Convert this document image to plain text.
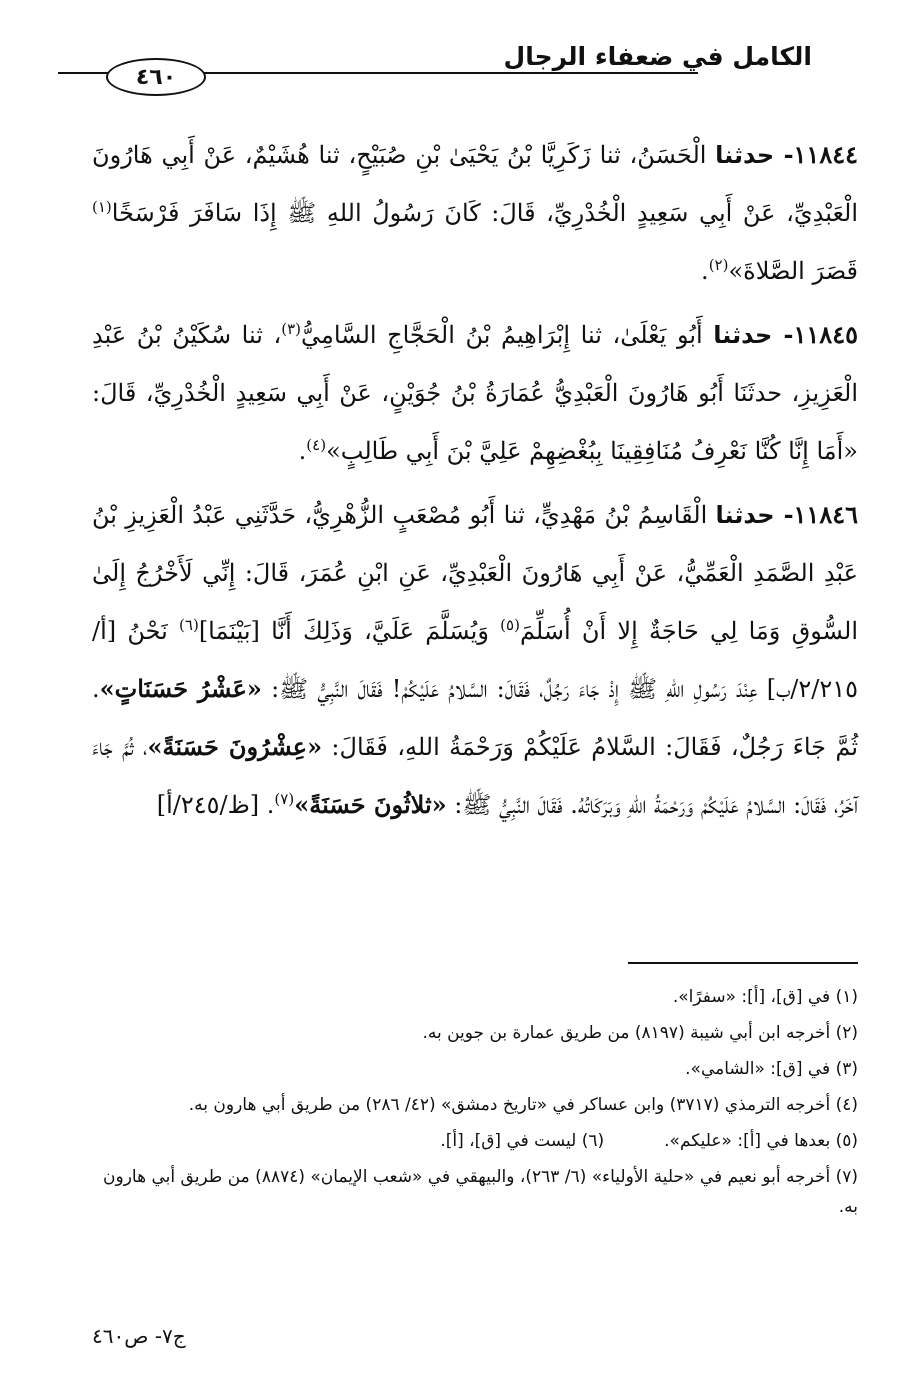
الكامل في ضعفاء الرجال
٤٦٠

١١٨٤٤- حدثنا الْحَسَنُ، ثنا زَكَرِيَّا بْنُ يَحْيَىٰ بْنِ صُبَيْحٍ، ثنا هُشَيْمٌ، عَنْ أَبِي هَارُونَ الْعَبْدِيِّ، عَنْ أَبِي سَعِيدٍ الْخُدْرِيِّ، قَالَ: كَانَ رَسُولُ اللهِ ﷺ إِذَا سَافَرَ فَرْسَخًا$^{(١)}$ قَصَرَ الصَّلاةَ»$^{(٢)}$.

١١٨٤٥- حدثنا أَبُو يَعْلَىٰ، ثنا إِبْرَاهِيمُ بْنُ الْحَجَّاجِ السَّامِيُّ$^{(٣)}$، ثنا سُكَيْنُ بْنُ عَبْدِ الْعَزِيزِ، حدثَنَا أَبُو هَارُونَ الْعَبْدِيُّ عُمَارَةُ بْنُ جُوَيْنٍ، عَنْ أَبِي سَعِيدٍ الْخُدْرِيِّ، قَالَ: «أَمَا إِنَّا كُنَّا نَعْرِفُ مُنَافِقِينَا بِبُغْضِهِمْ عَلِيَّ بْنَ أَبِي طَالِبٍ»$^{(٤)}$.

١١٨٤٦- حدثنا الْقَاسِمُ بْنُ مَهْدِيٍّ، ثنا أَبُو مُصْعَبٍ الزُّهْرِيُّ، حَدَّثَنِي عَبْدُ الْعَزِيزِ بْنُ عَبْدِ الصَّمَدِ الْعَمِّيُّ، عَنْ أَبِي هَارُونَ الْعَبْدِيِّ، عَنِ ابْنِ عُمَرَ، قَالَ: إِنِّي لَأَخْرُجُ إِلَىٰ السُّوقِ وَمَا لِي حَاجَةٌ إِلا أَنْ أُسَلِّمَ$^{(٥)}$ وَيُسَلَّمَ عَلَيَّ، وَذَلِكَ أَنَّا [بَيْنَمَا]$^{(٦)}$ نَحْنُ [أ/٢/٢١٥/ب] عِنْدَ رَسُولِ اللهِ ﷺ إِذْ جَاءَ رَجُلٌ، فَقَالَ: السَّلامُ عَلَيْكُمْ! فَقَالَ النَّبِيُّ ﷺ: «عَشْرُ حَسَنَاتٍ». ثُمَّ جَاءَ رَجُلٌ، فَقَالَ: السَّلامُ عَلَيْكُمْ وَرَحْمَةُ اللهِ، فَقَالَ: «عِشْرُونَ حَسَنَةً»، ثُمَّ جَاءَ آخَرُ، فَقَالَ: السَّلامُ عَلَيْكُمْ وَرَحْمَةُ اللهِ وَبَرَكَاتُهُ. فَقَالَ النَّبِيُّ ﷺ: «ثلاثُونَ حَسَنَةً»$^{(٧)}$. [ظ/٢٤٥/أ]

(١) في [ق]، [أ]: «سفرًا».
(٢) أخرجه ابن أبي شيبة (٨١٩٧) من طريق عمارة بن جوين به.
(٣) في [ق]: «الشامي».
(٤) أخرجه الترمذي (٣٧١٧) وابن عساكر في «تاريخ دمشق» (٤٢/ ٢٨٦) من طريق أبي هارون به.
(٥) بعدها في [أ]: «عليكم».
(٦) ليست في [ق]، [أ].
(٧) أخرجه أبو نعيم في «حلية الأولياء» (٦/ ٢٦٣)، والبيهقي في «شعب الإيمان» (٨٨٧٤) من طريق أبي هارون به.
ج٧- ص٤٦٠
